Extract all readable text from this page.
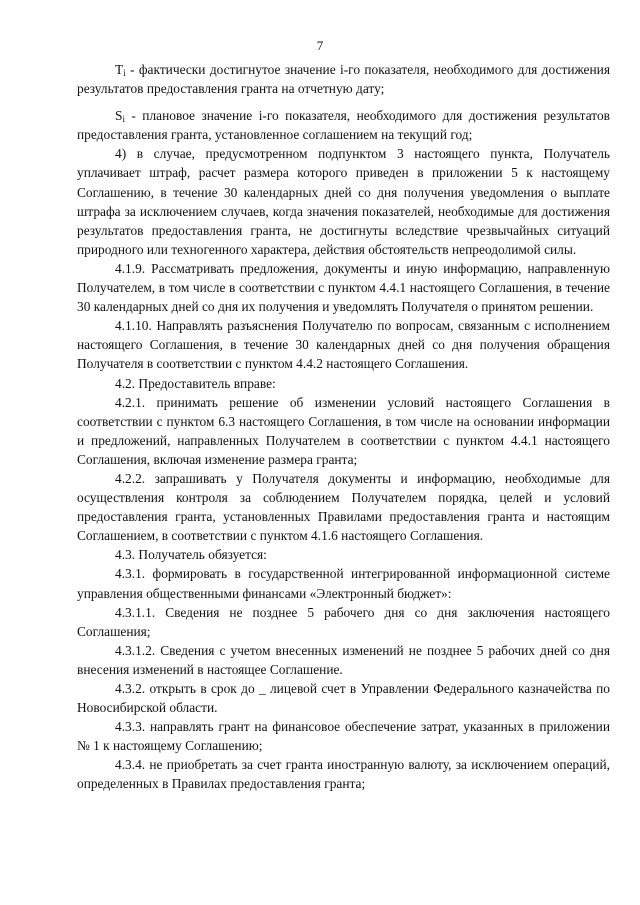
7

$T_i$ - фактически достигнутое значение i-го показателя, необходимого для достижения результатов предоставления гранта на отчетную дату;

$S_i$ - плановое значение i-го показателя, необходимого для достижения результатов предоставления гранта, установленное соглашением на текущий год;

4) в случае, предусмотренном подпунктом 3 настоящего пункта, Получатель уплачивает штраф, расчет размера которого приведен в приложении 5 к настоящему Соглашению, в течение 30 календарных дней со дня получения уведомления о выплате штрафа за исключением случаев, когда значения показателей, необходимые для достижения результатов предоставления гранта, не достигнуты вследствие чрезвычайных ситуаций природного или техногенного характера, действия обстоятельств непреодолимой силы.

4.1.9. Рассматривать предложения, документы и иную информацию, направленную Получателем, в том числе в соответствии с пунктом 4.4.1 настоящего Соглашения, в течение 30 календарных дней со дня их получения и уведомлять Получателя о принятом решении.

4.1.10. Направлять разъяснения Получателю по вопросам, связанным с исполнением настоящего Соглашения, в течение 30 календарных дней со дня получения обращения Получателя в соответствии с пунктом 4.4.2 настоящего Соглашения.

4.2. Предоставитель вправе:

4.2.1. принимать решение об изменении условий настоящего Соглашения в соответствии с пунктом 6.3 настоящего Соглашения, в том числе на основании информации и предложений, направленных Получателем в соответствии с пунктом 4.4.1 настоящего Соглашения, включая изменение размера гранта;

4.2.2. запрашивать у Получателя документы и информацию, необходимые для осуществления контроля за соблюдением Получателем порядка, целей и условий предоставления гранта, установленных Правилами предоставления гранта и настоящим Соглашением, в соответствии с пунктом 4.1.6 настоящего Соглашения.

4.3. Получатель обязуется:

4.3.1. формировать в государственной интегрированной информационной системе управления общественными финансами «Электронный бюджет»:

4.3.1.1. Сведения не позднее 5 рабочего дня со дня заключения настоящего Соглашения;

4.3.1.2. Сведения с учетом внесенных изменений не позднее 5 рабочих дней со дня внесения изменений в настоящее Соглашение.

4.3.2. открыть в срок до _ лицевой счет в Управлении Федерального казначейства по Новосибирской области.

4.3.3. направлять грант на финансовое обеспечение затрат, указанных в приложении № 1 к настоящему Соглашению;

4.3.4. не приобретать за счет гранта иностранную валюту, за исключением операций, определенных в Правилах предоставления гранта;
